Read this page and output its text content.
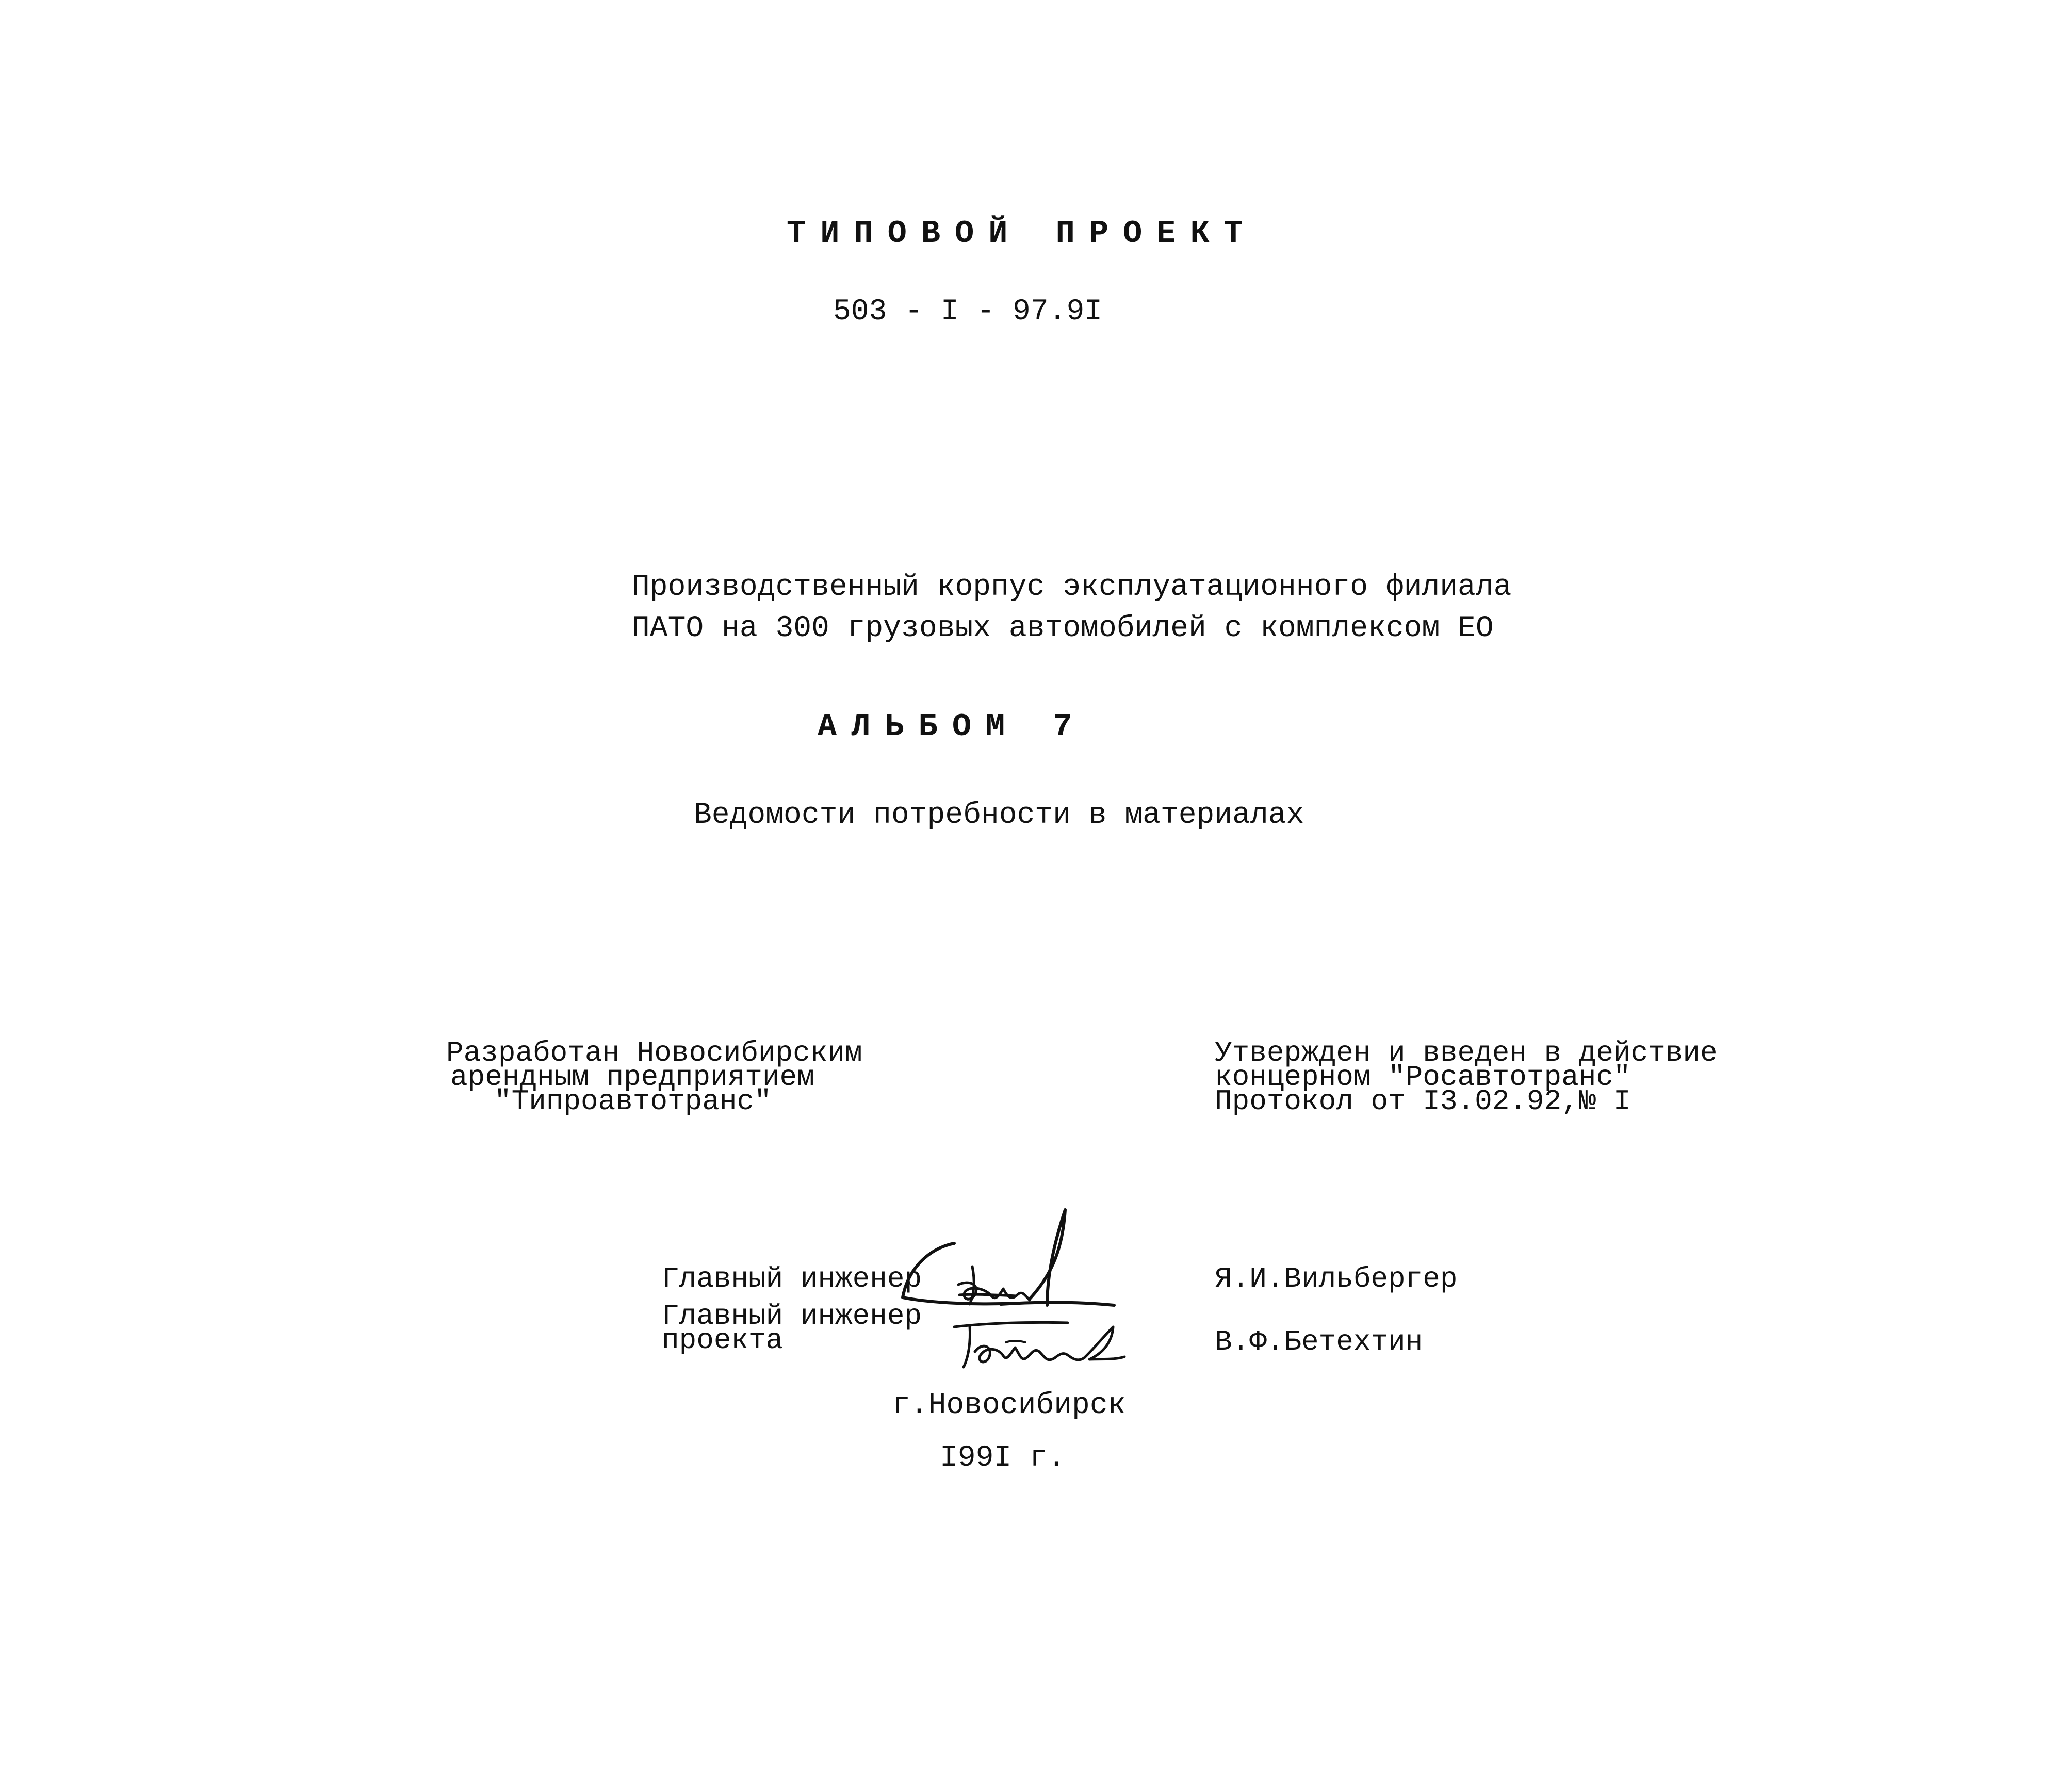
ТИПОВОЙ ПРОЕКТ
503 - I - 97.9I
Производственный корпус эксплуатационного филиала
ПАТО на 300 грузовых автомобилей с комплексом ЕО
АЛЬБОМ 7
Ведомости потребности в материалах
Разработан Новосибирским
арендным предприятием
"Типроавтотранс"
Утвержден и введен в действие
концерном "Росавтотранс"
Протокол от I3.02.92,№ I
Главный инженер	Я.И.Вильбергер
Главный инженер
проекта	В.Ф.Бетехтин
г.Новосибирск
I99I г.
